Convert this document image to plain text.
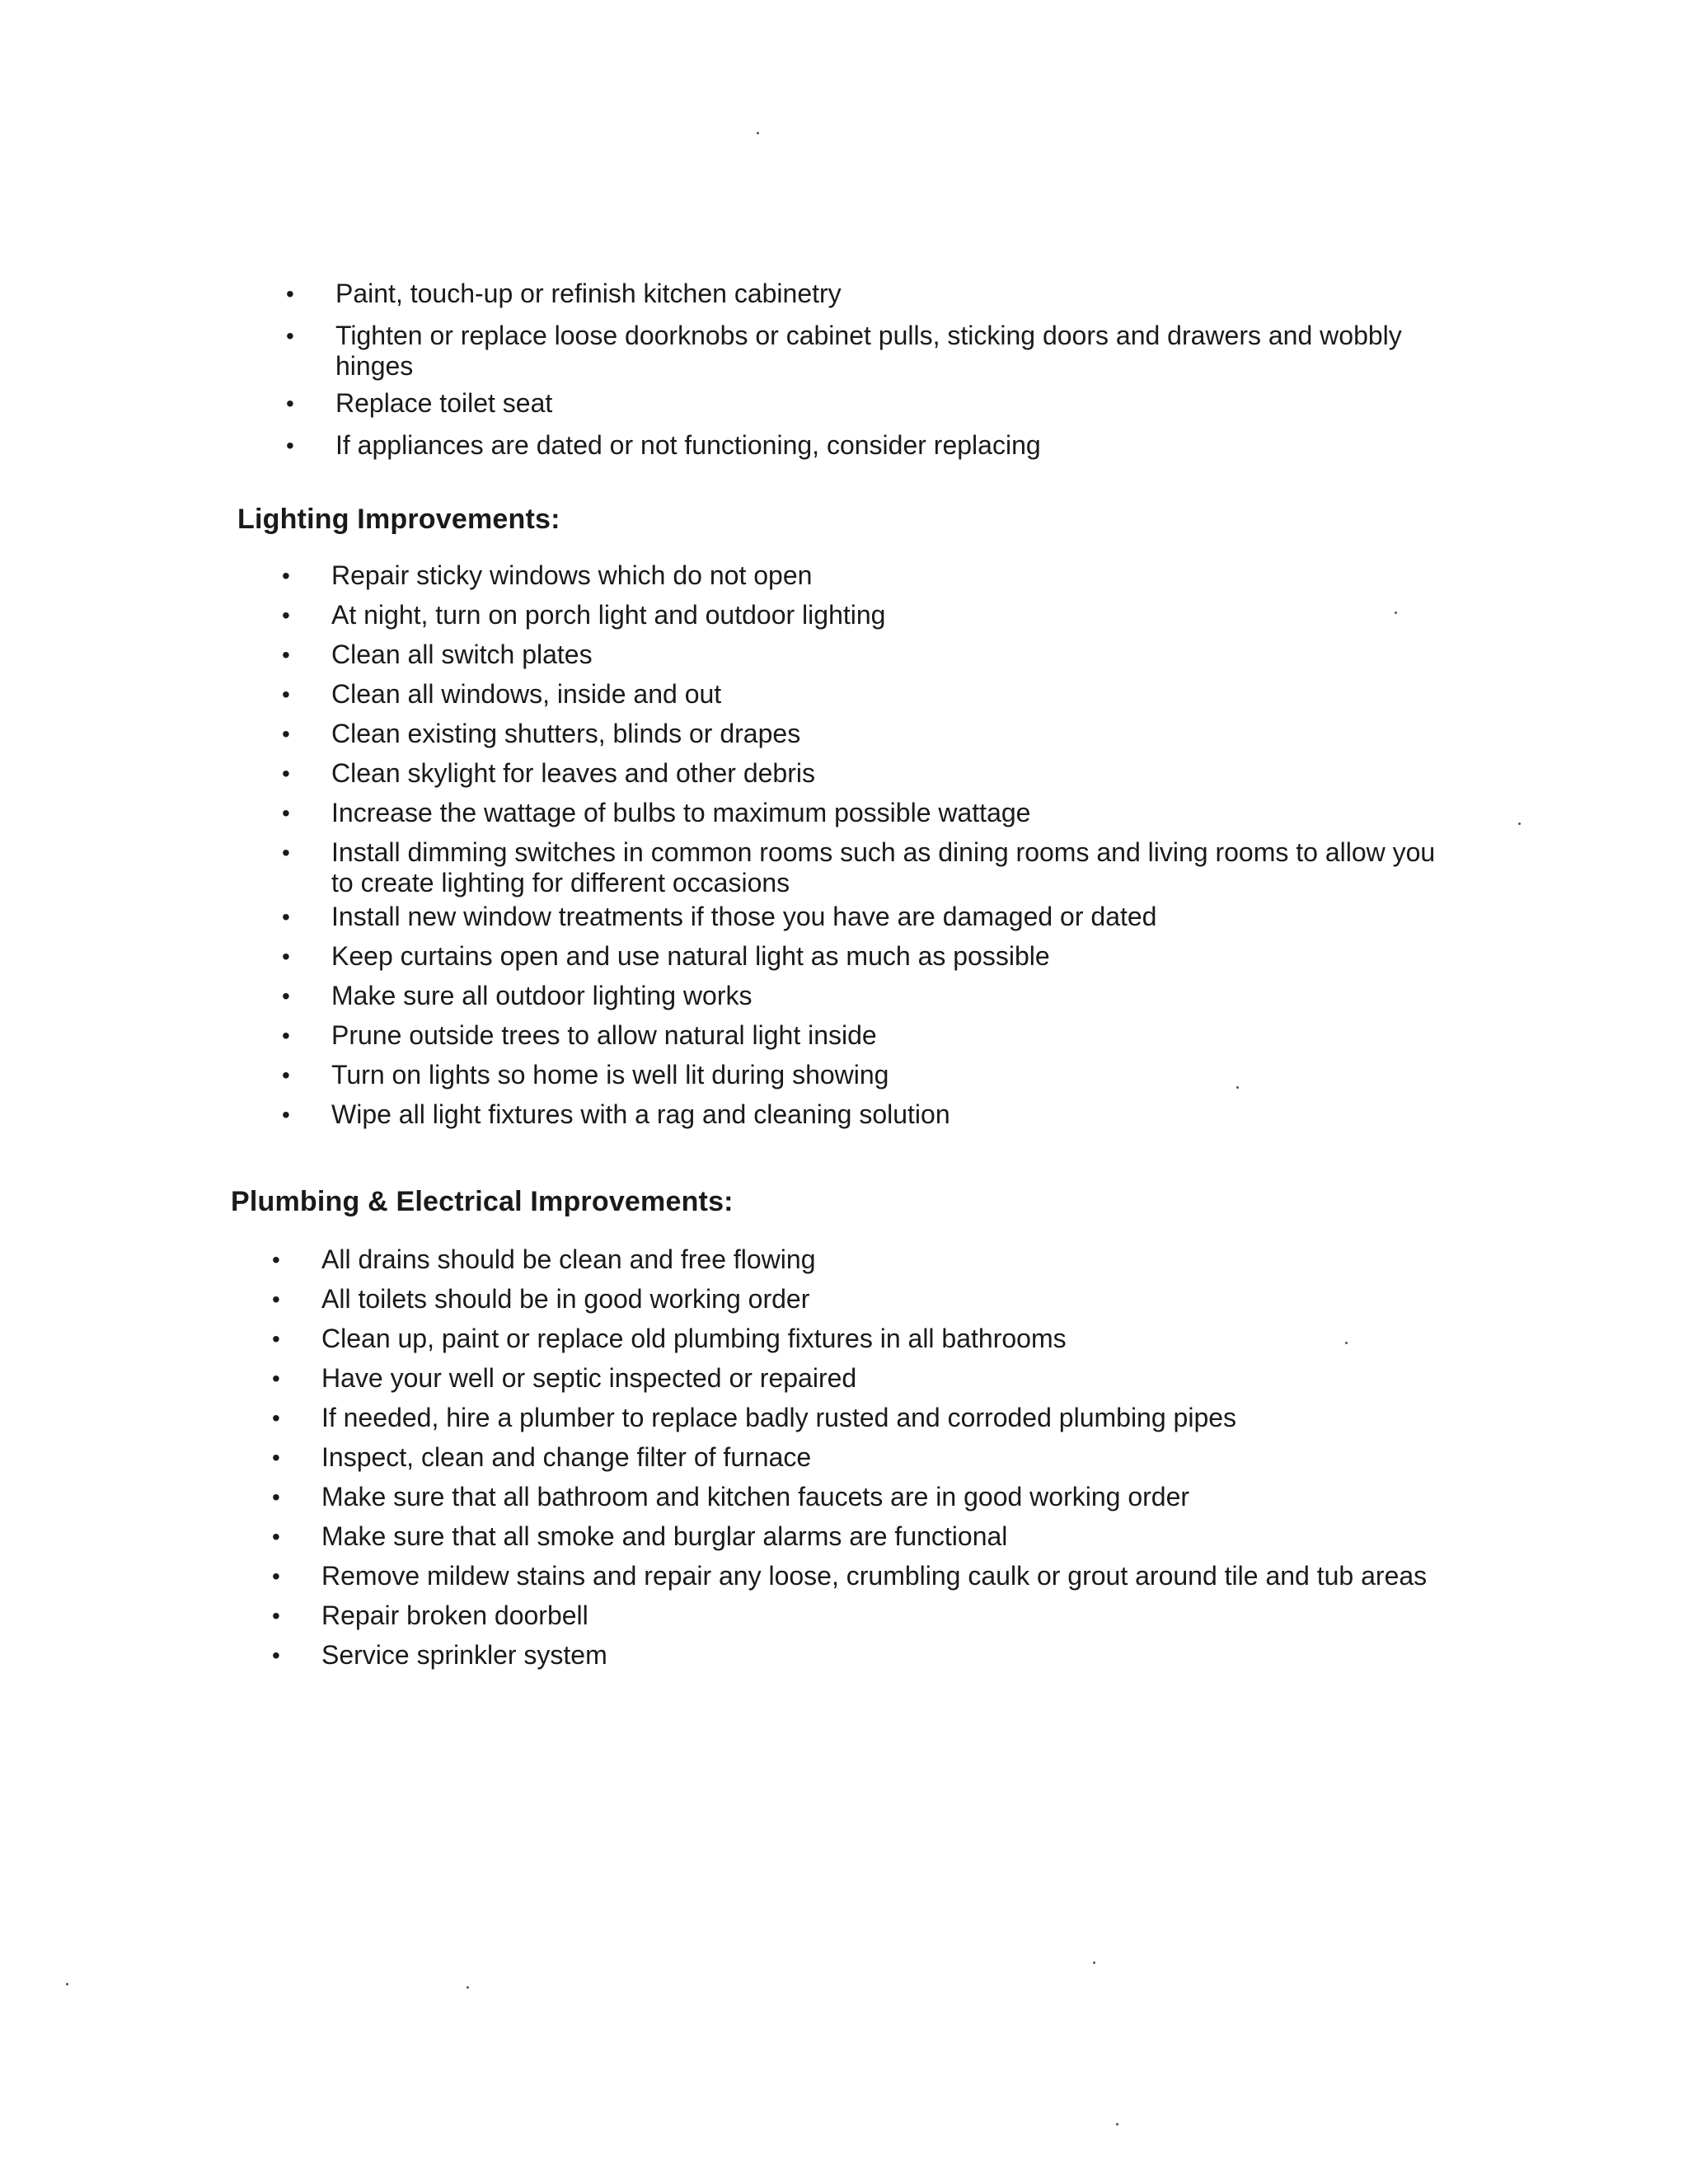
• Paint, touch-up or refinish kitchen cabinetry
• Tighten or replace loose doorknobs or cabinet pulls, sticking doors and drawers and wobbly hinges
• Replace toilet seat
• If appliances are dated or not functioning, consider replacing
Lighting Improvements:
• Repair sticky windows which do not open
• At night, turn on porch light and outdoor lighting
• Clean all switch plates
• Clean all windows, inside and out
• Clean existing shutters, blinds or drapes
• Clean skylight for leaves and other debris
• Increase the wattage of bulbs to maximum possible wattage
• Install dimming switches in common rooms such as dining rooms and living rooms to allow you to create lighting for different occasions
• Install new window treatments if those you have are damaged or dated
• Keep curtains open and use natural light as much as possible
• Make sure all outdoor lighting works
• Prune outside trees to allow natural light inside
• Turn on lights so home is well lit during showing
• Wipe all light fixtures with a rag and cleaning solution
Plumbing & Electrical Improvements:
• All drains should be clean and free flowing
• All toilets should be in good working order
• Clean up, paint or replace old plumbing fixtures in all bathrooms
• Have your well or septic inspected or repaired
• If needed, hire a plumber to replace badly rusted and corroded plumbing pipes
• Inspect, clean and change filter of furnace
• Make sure that all bathroom and kitchen faucets are in good working order
• Make sure that all smoke and burglar alarms are functional
• Remove mildew stains and repair any loose, crumbling caulk or grout around tile and tub areas
• Repair broken doorbell
• Service sprinkler system
